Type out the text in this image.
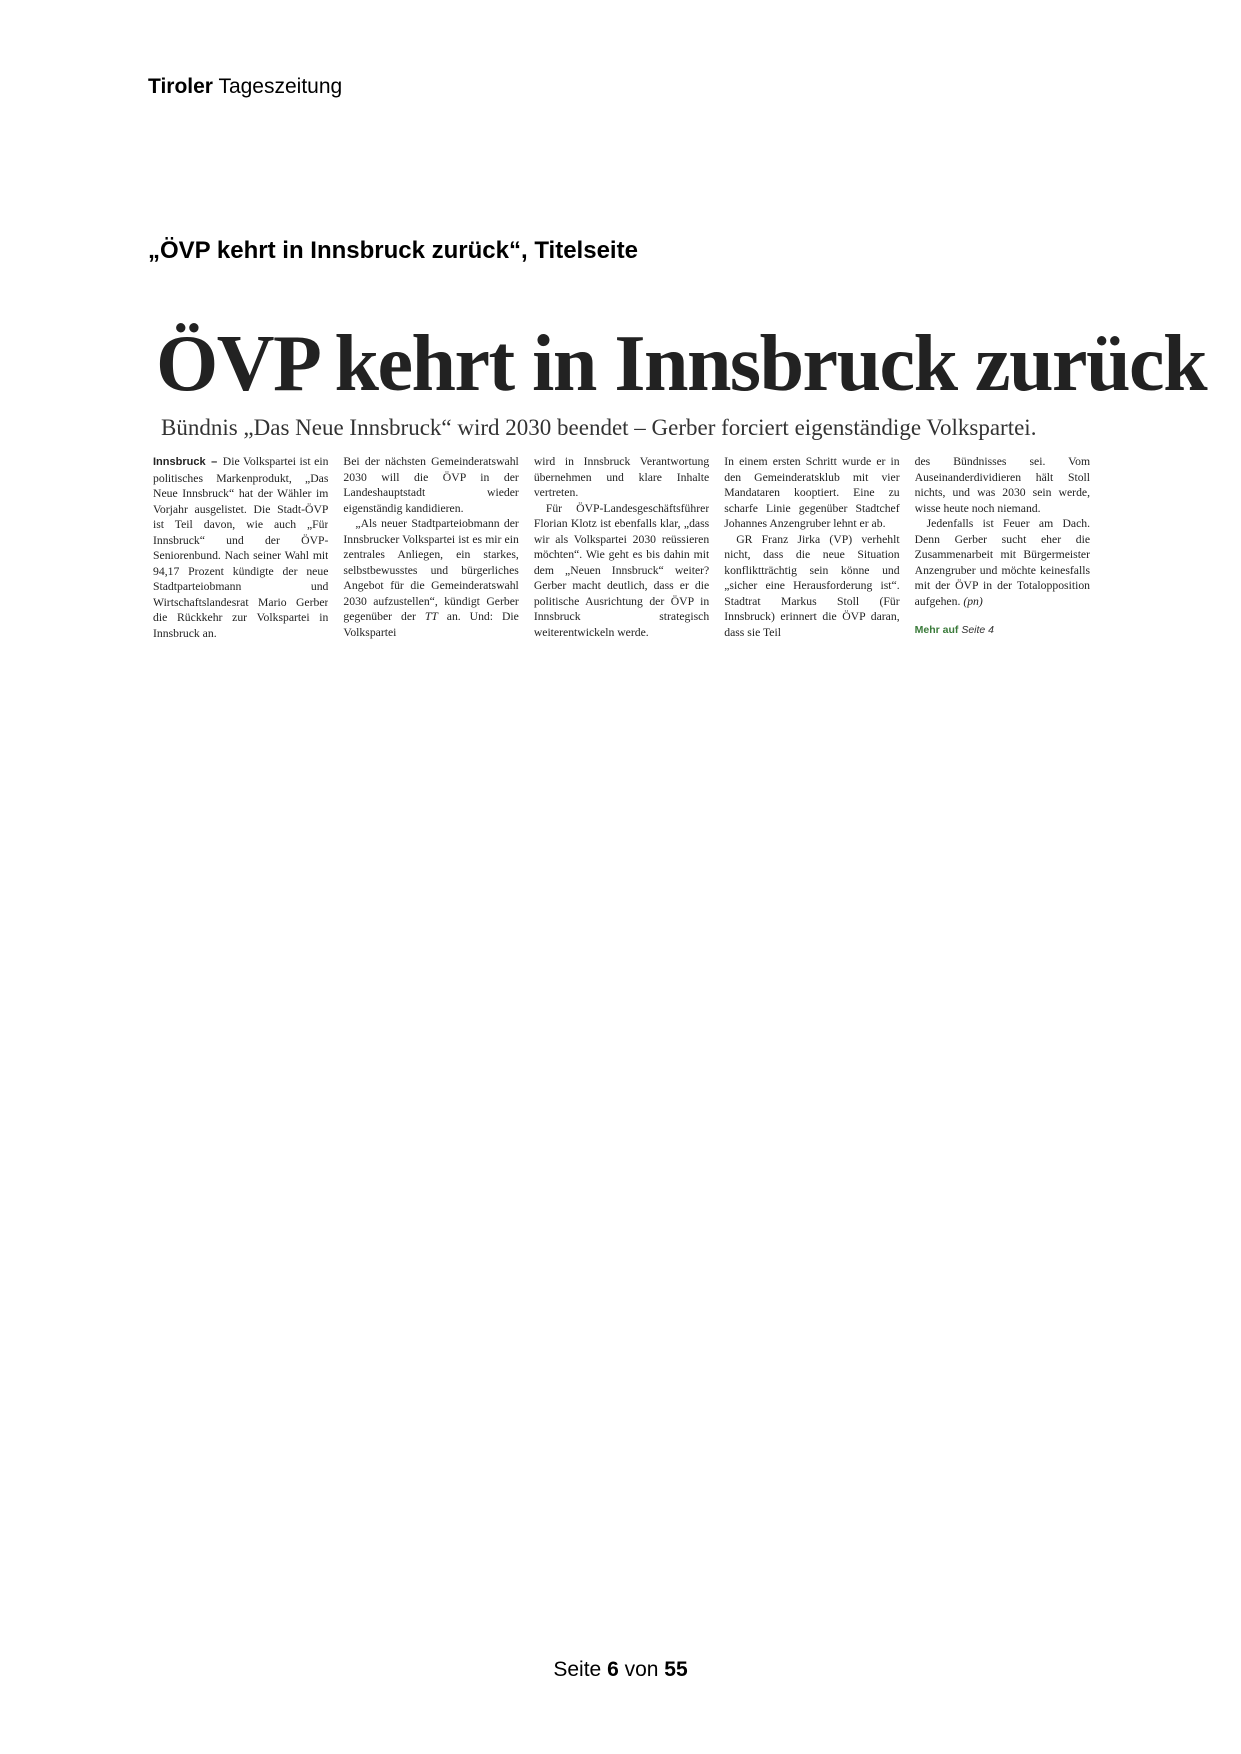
Tiroler Tageszeitung
„ÖVP kehrt in Innsbruck zurück“, Titelseite
ÖVP kehrt in Innsbruck zurück
Bündnis „Das Neue Innsbruck“ wird 2030 beendet – Gerber forciert eigenständige Volkspartei.

Innsbruck – Die Volkspartei ist ein politisches Markenprodukt, „Das Neue Innsbruck“ hat der Wähler im Vorjahr ausgelistet. Die Stadt-ÖVP ist Teil davon, wie auch „Für Innsbruck“ und der ÖVP-Seniorenbund. Nach seiner Wahl mit 94,17 Prozent kündigte der neue Stadtparteiobmann und Wirtschaftslandesrat Mario Gerber die Rückkehr zur Volkspartei in Innsbruck an.

Bei der nächsten Gemeinderatswahl 2030 will die ÖVP in der Landeshauptstadt wieder eigenständig kandidieren.

„Als neuer Stadtparteiobmann der Innsbrucker Volkspartei ist es mir ein zentrales Anliegen, ein starkes, selbstbewusstes und bürgerliches Angebot für die Gemeinderatswahl 2030 aufzustellen“, kündigt Gerber gegenüber der TT an. Und: Die Volkspartei

wird in Innsbruck Verantwortung übernehmen und klare Inhalte vertreten.

Für ÖVP-Landesgeschäftsführer Florian Klotz ist ebenfalls klar, „dass wir als Volkspartei 2030 reüssieren möchten“. Wie geht es bis dahin mit dem „Neuen Innsbruck“ weiter? Gerber macht deutlich, dass er die politische Ausrichtung der ÖVP in Innsbruck strategisch weiterentwickeln werde.

In einem ersten Schritt wurde er in den Gemeinderatsklub mit vier Mandataren kooptiert. Eine zu scharfe Linie gegenüber Stadtchef Johannes Anzengruber lehnt er ab.

GR Franz Jirka (VP) verhehlt nicht, dass die neue Situation konfliktträchtig sein könne und „sicher eine Herausforderung ist“. Stadtrat Markus Stoll (Für Innsbruck) erinnert die ÖVP daran, dass sie Teil

des Bündnisses sei. Vom Auseinanderdividieren hält Stoll nichts, und was 2030 sein werde, wisse heute noch niemand.

Jedenfalls ist Feuer am Dach. Denn Gerber sucht eher die Zusammenarbeit mit Bürgermeister Anzengruber und möchte keinesfalls mit der ÖVP in der Totalopposition aufgehen. (pn)

Mehr auf Seite 4

Seite 6 von 55
